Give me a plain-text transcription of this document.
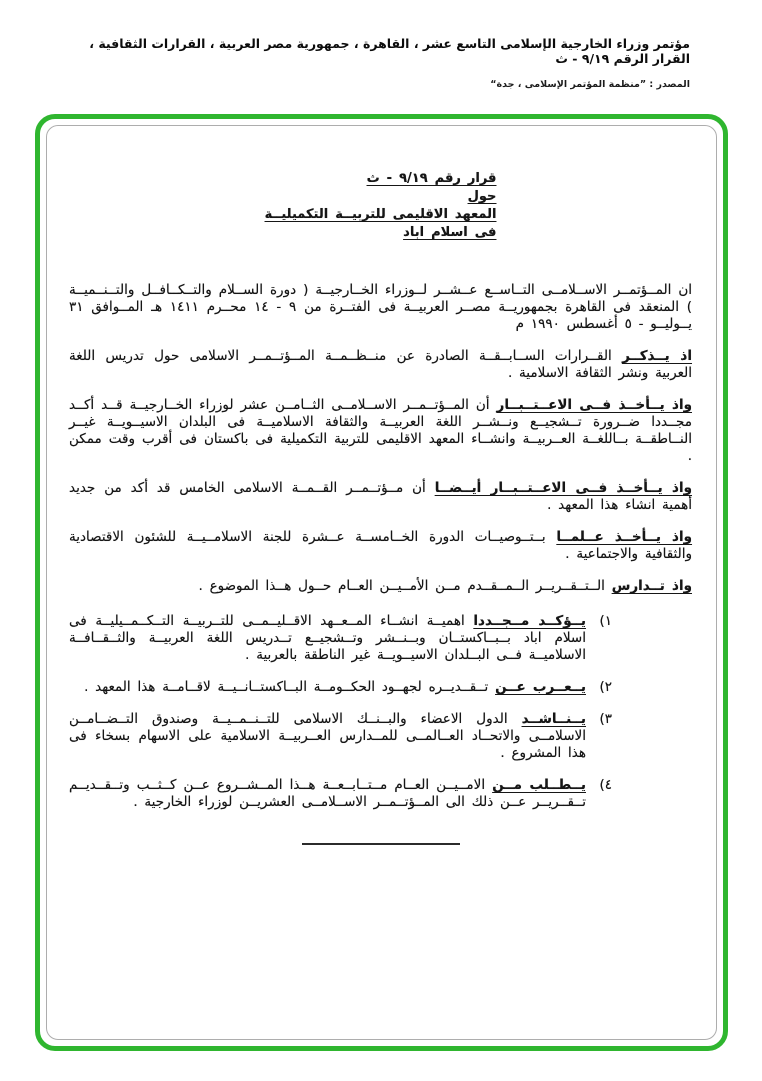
مؤتمر وزراء الخارجية الإسلامى التاسع عشر ، القاهرة ، جمهورية مصر العربية ، القرارات الثقافية ، القرار الرقم ٩/١٩ - ث
المصدر : ”منظمة المؤتمر الإسلامى ، جدة“
قرار رقم ٩/١٩ - ث
حول
المعهد الاقليمى للتربيــة التكميليــة
فى اسلام اباد

ان المــؤتمــر الاســلامــى التــاســع عــشــر لــوزراء الخــارجيــة ( دورة الســلام والتــكــافــل والتــنــميــة ) المنعقد فى القاهرة بجمهوريــة مصــر العربيــة فى الفتــرة من ٩ - ١٤ محــرم ١٤١١ هـ المــوافق ٣١ يــوليــو - ٥ أغسطس ١٩٩٠ م

اذ يــذكــر القــرارات الســابــقــة الصادرة عن منــظــمــة المــؤتــمــر الاسلامى حول تدريس اللغة العربية ونشر الثقافة الاسلامية .

واذ يــأخــذ فــى الاعــتــبــار أن المــؤتــمــر الاســلامــى الثــامــن عشر لوزراء الخــارجيــة قــد أكــد مجــددا ضــرورة تــشجيــع ونــشــر اللغة العربيــة والثقافة الاسلاميــة فى البلدان الاسيــويــة غيــر النــاطقــة بــاللغــة العــربيــة وانشــاء المعهد الاقليمى للتربية التكميلية فى باكستان فى أقرب وقت ممكن .

واذ يــأخــذ فــى الاعــتــبــار أيــضــا أن مــؤتــمــر القــمــة الاسلامى الخامس قد أكد من جديد أهمية انشاء هذا المعهد .

واذ يــأخــذ عــلمــا بــتــوصيــات الدورة الخــامســة عــشرة للجنة الاسلامــيــة للشئون الاقتصادية والثقافية والاجتماعية .

واذ تــدارس الــتــقــريــر الــمــقــدم مــن الأمــيــن العــام حــول هــذا الموضوع .

١)

يــؤكــد مــجــددا اهميــة انشــاء المــعــهد الاقــليــمــى للتــربيــة التــكــمــيليــة فى اسلام اباد بــبــاكستــان وبــنــشر وتــشجيــع تــدريس اللغة العربيــة والثــقــافــة الاسلاميــة فــى البــلدان الاسيــويــة غير الناطقة بالعربية .

٢)

يــعــرب عــن تــقــديــره لجهــود الحكــومــة البــاكستــانــيــة لاقــامــة هذا المعهد .

٣)

يــنــاشــد الدول الاعضاء والبــنــك الاسلامى للتــنــمــيــة وصندوق التــضــامــن الاسلامــى والاتحــاد العــالمــى للمــدارس العــربيــة الاسلامية على الاسهام بسخاء فى هذا المشروع .

٤)

يــطــلب مــن الامــيــن العــام مــتــابــعــة هــذا المــشــروع عــن كــثــب وتــقــديــم تــقــريــر عــن ذلك الى المــؤتــمــر الاســلامــى العشريــن لوزراء الخارجية .
